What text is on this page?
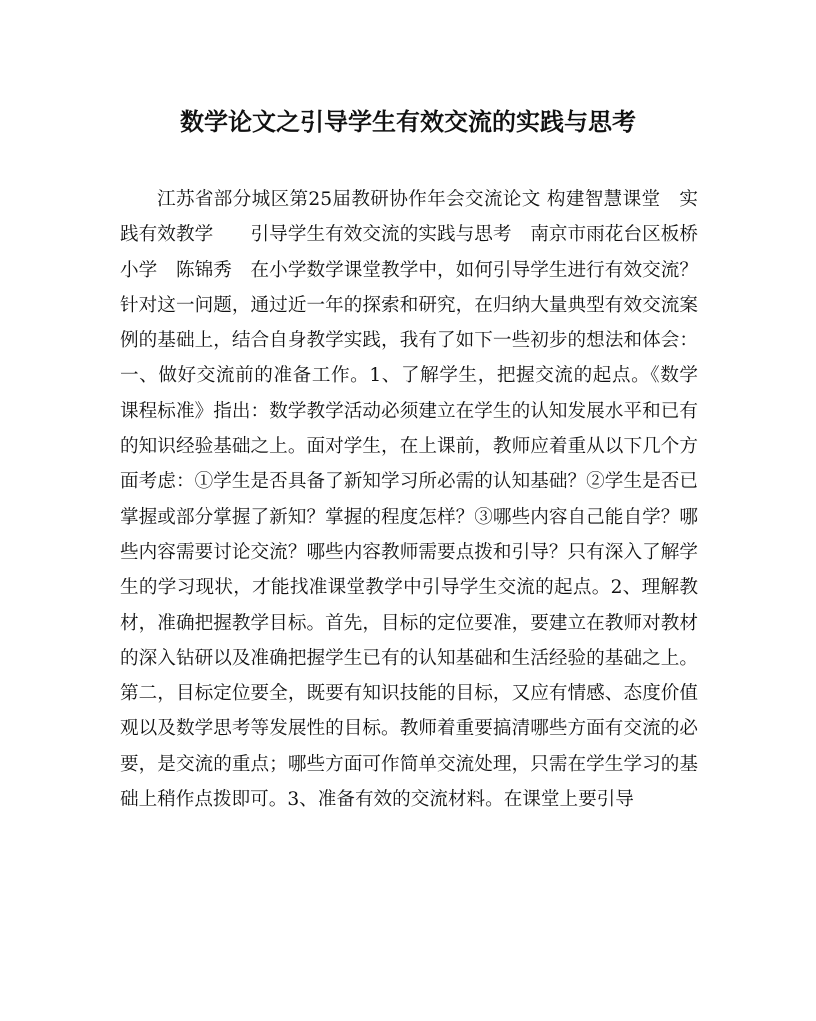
数学论文之引导学生有效交流的实践与思考

江苏省部分城区第25届教研协作年会交流论文 构建智慧课堂　实践有效教学　　引导学生有效交流的实践与思考　南京市雨花台区板桥小学　陈锦秀　在小学数学课堂教学中，如何引导学生进行有效交流？针对这一问题，通过近一年的探索和研究，在归纳大量典型有效交流案例的基础上，结合自身教学实践，我有了如下一些初步的想法和体会：一、做好交流前的准备工作。1、了解学生，把握交流的起点。《数学课程标准》指出：数学教学活动必须建立在学生的认知发展水平和已有的知识经验基础之上。面对学生，在上课前，教师应着重从以下几个方面考虑：①学生是否具备了新知学习所必需的认知基础？②学生是否已掌握或部分掌握了新知？掌握的程度怎样？③哪些内容自己能自学？哪些内容需要讨论交流？哪些内容教师需要点拨和引导？只有深入了解学生的学习现状，才能找准课堂教学中引导学生交流的起点。2、理解教材，准确把握教学目标。首先，目标的定位要准，要建立在教师对教材的深入钻研以及准确把握学生已有的认知基础和生活经验的基础之上。第二，目标定位要全，既要有知识技能的目标，又应有情感、态度价值观以及数学思考等发展性的目标。教师着重要搞清哪些方面有交流的必要，是交流的重点；哪些方面可作简单交流处理，只需在学生学习的基础上稍作点拨即可。3、准备有效的交流材料。在课堂上要引导
